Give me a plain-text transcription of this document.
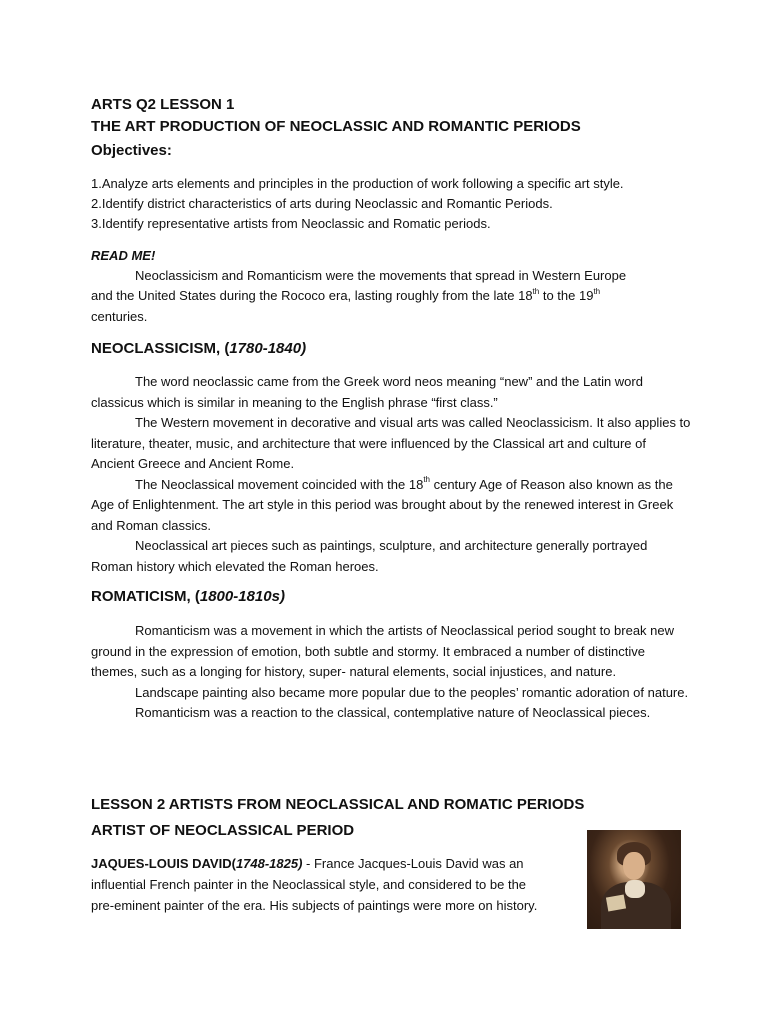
ARTS Q2 LESSON 1
THE ART PRODUCTION OF NEOCLASSIC AND ROMANTIC PERIODS
Objectives:
1.Analyze arts elements and principles in the production of work following a specific art style.
2.Identify district characteristics of arts during Neoclassic and Romantic Periods.
3.Identify representative artists from Neoclassic and Romatic periods.
READ ME!
Neoclassicism and Romanticism were the movements that spread in Western Europe
and the United States during the Rococo era, lasting roughly from the late 18th to the 19th
centuries.
NEOCLASSICISM, (1780-1840)

The word neoclassic came from the Greek word neos meaning “new” and the Latin word classicus which is similar in meaning to the English phrase “first class.”

The Western movement in decorative and visual arts was called Neoclassicism. It also applies to literature, theater, music, and architecture that were influenced by the Classical art and culture of Ancient Greece and Ancient Rome.

The Neoclassical movement coincided with the 18th century Age of Reason also known as the Age of Enlightenment. The art style in this period was brought about by the renewed interest in Greek and Roman classics.

Neoclassical art pieces such as paintings, sculpture, and architecture generally portrayed Roman history which elevated the Roman heroes.

ROMATICISM, (1800-1810s)

Romanticism was a movement in which the artists of Neoclassical period sought to break new ground in the expression of emotion, both subtle and stormy. It embraced a number of distinctive themes, such as a longing for history, super- natural elements, social injustices, and nature.

Landscape painting also became more popular due to the peoples’ romantic adoration of nature.

Romanticism was a reaction to the classical, contemplative nature of Neoclassical pieces.

LESSON 2 ARTISTS FROM NEOCLASSICAL AND ROMATIC PERIODS
ARTIST OF NEOCLASSICAL PERIOD
JAQUES-LOUIS DAVID(1748-1825) - France Jacques-Louis David was an
influential French painter in the Neoclassical style, and considered to be the
pre-eminent painter of the era. His subjects of paintings were more on history.
